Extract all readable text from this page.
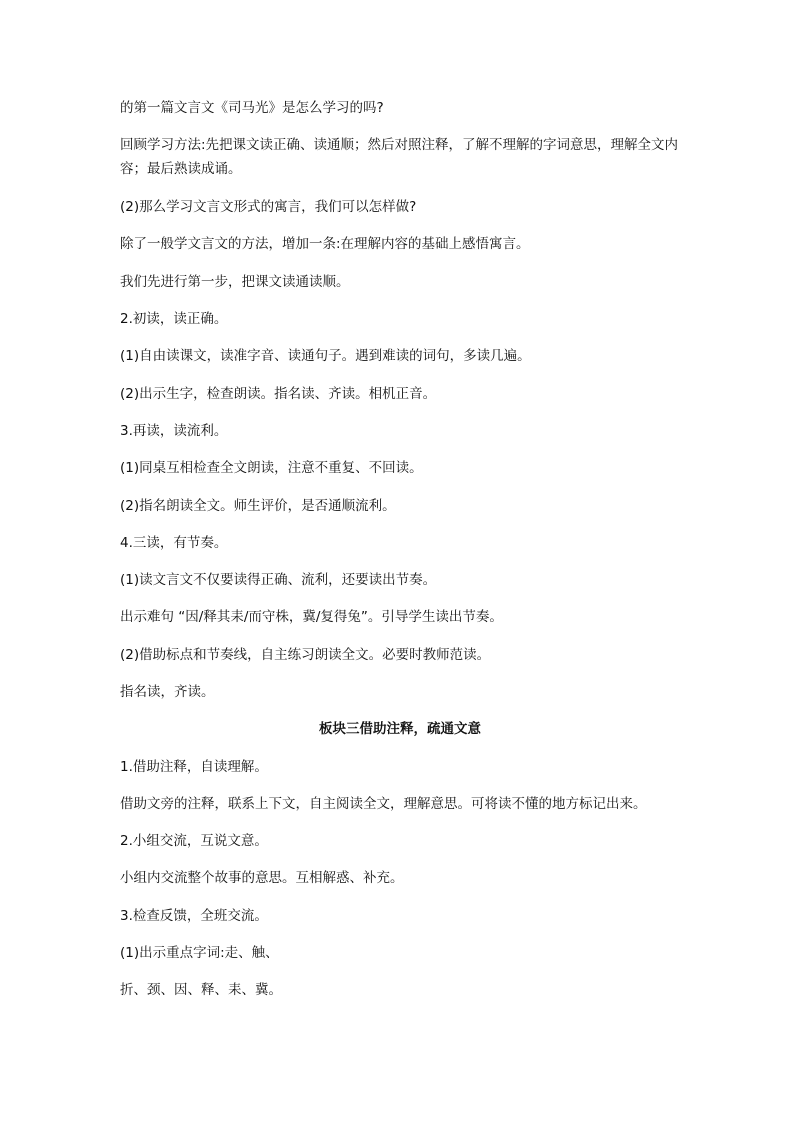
的第一篇文言文《司马光》是怎么学习的吗?
回顾学习方法:先把课文读正确、读通顺；然后对照注释，了解不理解的字词意思，理解全文内容；最后熟读成诵。
(2)那么学习文言文形式的寓言，我们可以怎样做?
除了一般学文言文的方法，增加一条:在理解内容的基础上感悟寓言。
我们先进行第一步，把课文读通读顺。
2.初读，读正确。
(1)自由读课文，读准字音、读通句子。遇到难读的词句，多读几遍。
(2)出示生字，检查朗读。指名读、齐读。相机正音。
3.再读，读流利。
(1)同桌互相检查全文朗读，注意不重复、不回读。
(2)指名朗读全文。师生评价，是否通顺流利。
4.三读，有节奏。
(1)读文言文不仅要读得正确、流利，还要读出节奏。
出示难句 “因/释其耒/而守株，冀/复得兔”。引导学生读出节奏。
(2)借助标点和节奏线，自主练习朗读全文。必要时教师范读。
指名读，齐读。
板块三借助注释，疏通文意
1.借助注释，自读理解。
借助文旁的注释，联系上下文，自主阅读全文，理解意思。可将读不懂的地方标记出来。
2.小组交流，互说文意。
小组内交流整个故事的意思。互相解惑、补充。
3.检查反馈，全班交流。
(1)出示重点字词:走、触、
折、颈、因、释、耒、冀。
